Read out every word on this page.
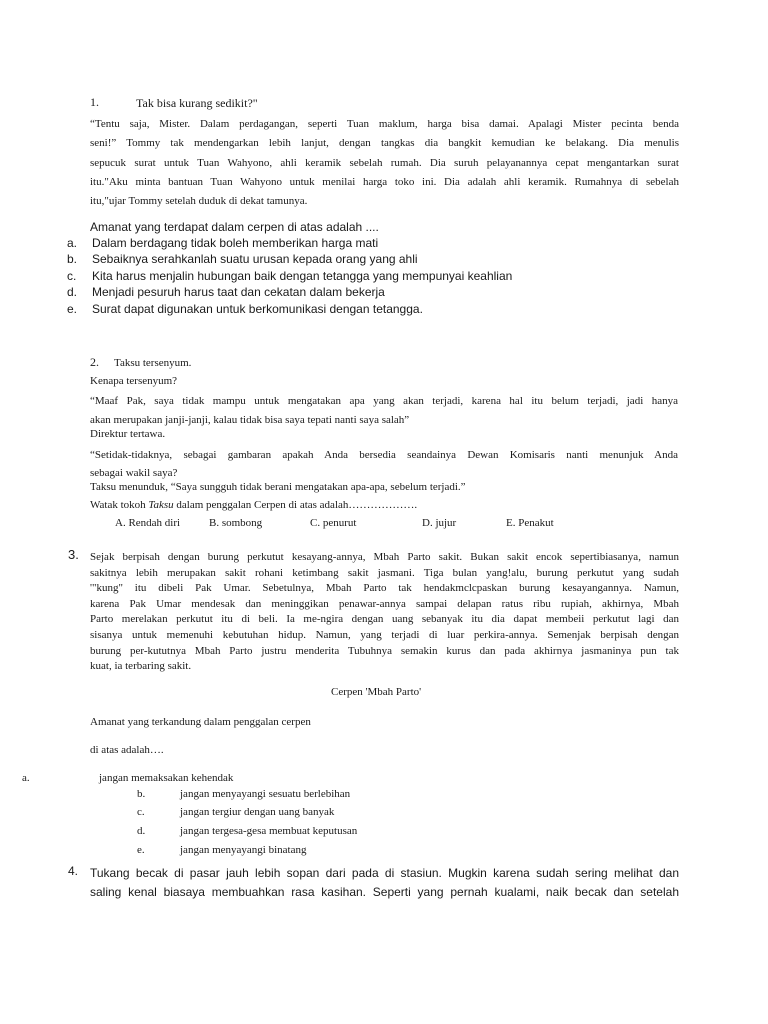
1.	Tak bisa kurang sedikit?"
“Tentu saja, Mister. Dalam perdagangan, seperti Tuan maklum, harga bisa damai. Apalagi Mister pecinta benda
seni!” Tommy tak mendengarkan lebih lanjut, dengan tangkas dia bangkit kemudian ke belakang. Dia menulis
sepucuk surat untuk Tuan Wahyono, ahli keramik sebelah rumah. Dia suruh pelayanannya cepat mengantarkan surat
itu."Aku minta bantuan Tuan Wahyono untuk menilai harga toko ini. Dia adalah ahli keramik. Rumahnya di sebelah
itu,"ujar Tommy setelah duduk di dekat tamunya.
Amanat yang terdapat dalam cerpen di atas adalah ....
a. Dalam berdagang tidak boleh memberikan harga mati
b. Sebaiknya serahkanlah suatu urusan kepada orang yang ahli
c. Kita harus menjalin hubungan baik dengan tetangga yang mempunyai keahlian
d. Menjadi pesuruh harus taat dan cekatan dalam bekerja
e. Surat dapat digunakan untuk berkomunikasi dengan tetangga.
2. Taksu tersenyum.
Kenapa tersenyum?
“Maaf Pak, saya tidak mampu untuk mengatakan apa yang akan terjadi, karena hal itu belum terjadi, jadi hanya
akan merupakan janji-janji, kalau tidak bisa saya tepati nanti saya salah”
Direktur tertawa.
“Setidak-tidaknya, sebagai gambaran apakah Anda bersedia seandainya Dewan Komisaris nanti menunjuk Anda
sebagai wakil saya?
Taksu menunduk, “Saya sungguh tidak berani mengatakan apa-apa, sebelum terjadi.”
Watak tokoh Taksu dalam penggalan Cerpen di atas adalah……………….
A. Rendah diri	B. sombong	C. penurut	D. jujur	E. Penakut
3. Sejak berpisah dengan burung perkutut kesayang-annya, Mbah Parto sakit. Bukan sakit encok sepertibiasanya, namun
sakitnya lebih merupakan sakit rohani ketimbang sakit jasmani. Tiga bulan yang!alu, burung perkutut yang sudah
'"kung" itu dibeli Pak Umar. Sebetulnya, Mbah Parto tak hendakmclcpaskan burung kesayangannya. Namun,
karena Pak Umar mendesak dan meninggikan penawar-annya sampai delapan ratus ribu rupiah, akhirnya, Mbah
Parto merelakan perkutut itu di beli. Ia me-ngira dengan uang sebanyak itu dia dapat membeii perkutut lagi dan
sisanya untuk memenuhi kebutuhan hidup. Namun, yang terjadi di luar perkira-annya. Semenjak berpisah dengan
burung per-kututnya Mbah Parto justru menderita Tubuhnya semakin kurus dan pada akhirnya jasmaninya pun tak
kuat, ia terbaring sakit.
Cerpen 'Mbah Parto'
Amanat yang terkandung dalam penggalan cerpen
di atas adalah….
a.	jangan memaksakan kehendak
b.	jangan menyayangi sesuatu berlebihan
c.	jangan tergiur dengan uang banyak
d.	jangan tergesa-gesa membuat keputusan
e.	jangan menyayangi binatang
4. Tukang becak di pasar jauh lebih sopan dari pada di stasiun. Mugkin karena sudah sering melihat dan
saling kenal biasaya membuahkan rasa kasihan. Seperti yang pernah kualami, naik becak dan setelah
